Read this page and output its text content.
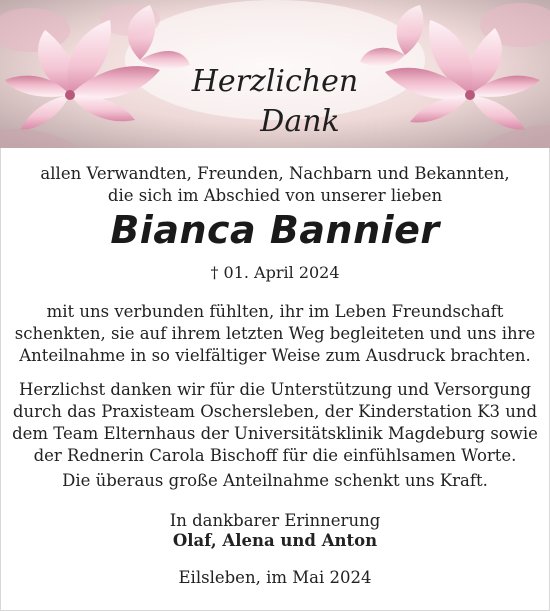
Herzlichen
Dank
allen Verwandten, Freunden, Nachbarn und Bekannten,
die sich im Abschied von unserer lieben
Bianca Bannier
† 01. April 2024
mit uns verbunden fühlten, ihr im Leben Freundschaft
schenkten, sie auf ihrem letzten Weg begleiteten und uns ihre
Anteilnahme in so vielfältiger Weise zum Ausdruck brachten.
Herzlichst danken wir für die Unterstützung und Versorgung
durch das Praxisteam Oschersleben, der Kinderstation K3 und
dem Team Elternhaus der Universitätsklinik Magdeburg sowie
der Rednerin Carola Bischoff für die einfühlsamen Worte.
Die überaus große Anteilnahme schenkt uns Kraft.
In dankbarer Erinnerung
Olaf, Alena und Anton
Eilsleben, im Mai 2024
